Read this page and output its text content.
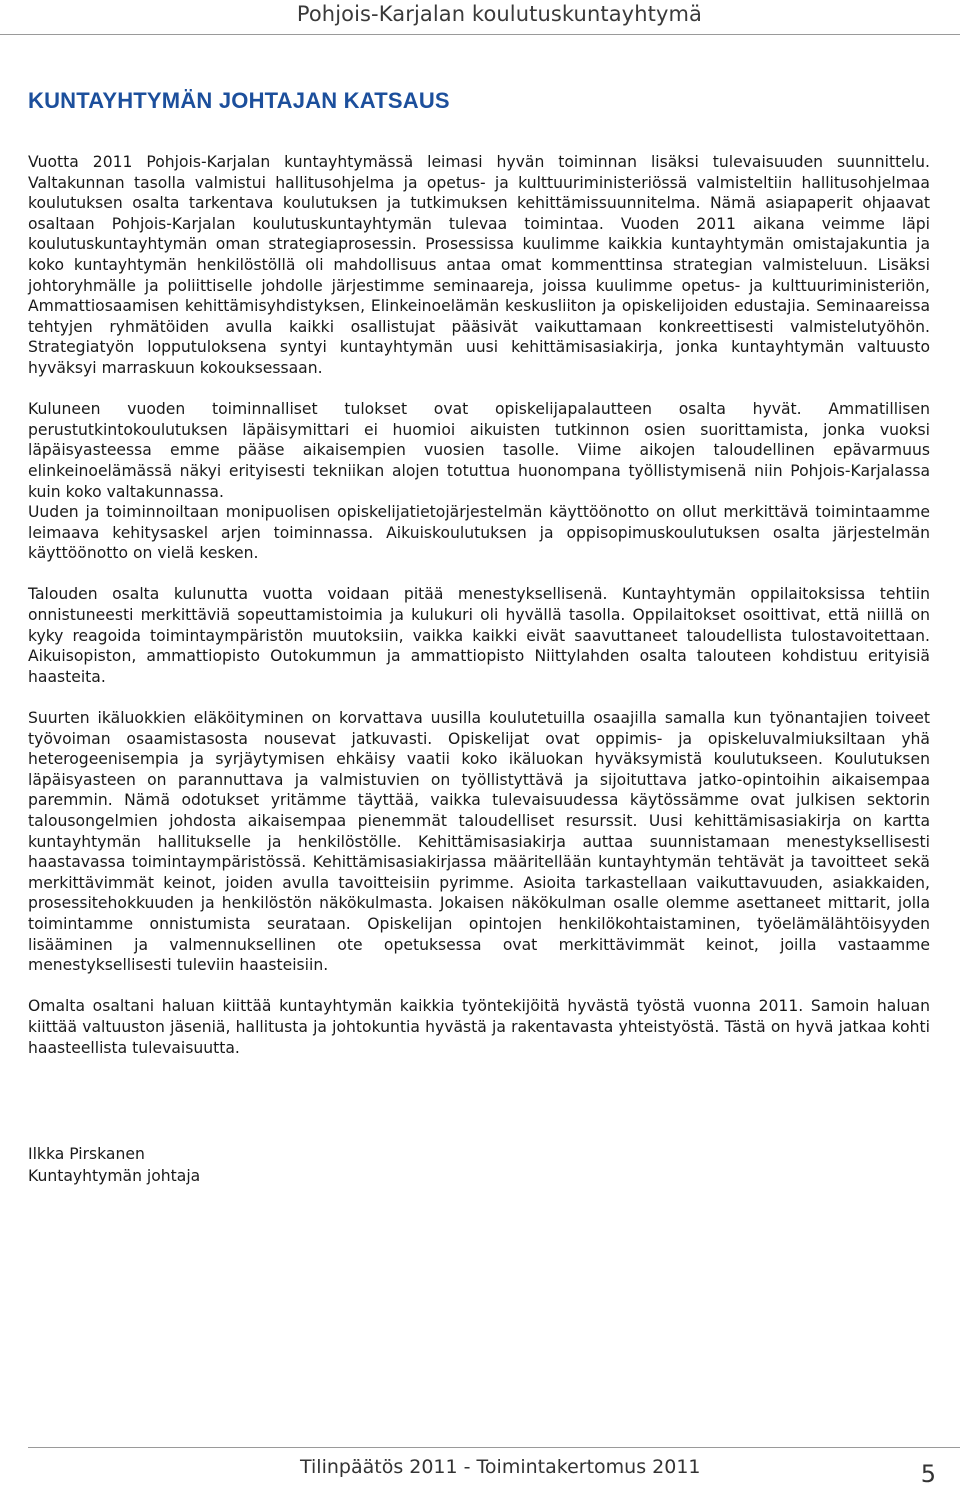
Pohjois-Karjalan koulutuskuntayhtymä
KUNTAYHTYMÄN JOHTAJAN KATSAUS

Vuotta 2011 Pohjois-Karjalan kuntayhtymässä leimasi hyvän toiminnan lisäksi tulevaisuuden suunnittelu. Valtakunnan tasolla valmistui hallitusohjelma ja opetus- ja kulttuuriministeriössä valmisteltiin hallitusohjelmaa koulutuksen osalta tarkentava koulutuksen ja tutkimuksen kehittämissuunnitelma. Nämä asiapaperit ohjaavat osaltaan Pohjois-Karjalan koulutuskuntayhtymän tulevaa toimintaa. Vuoden 2011 aikana veimme läpi koulutuskuntayhtymän oman strategiaprosessin. Prosessissa kuulimme kaikkia kuntayhtymän omistajakuntia ja koko kuntayhtymän henkilöstöllä oli mahdollisuus antaa omat kommenttinsa strategian valmisteluun. Lisäksi johtoryhmälle ja poliittiselle johdolle järjestimme seminaareja, joissa kuulimme opetus- ja kulttuuriministeriön, Ammattiosaamisen kehittämisyhdistyksen, Elinkeinoelämän keskusliiton ja opiskelijoiden edustajia. Seminaareissa tehtyjen ryhmätöiden avulla kaikki osallistujat pääsivät vaikuttamaan konkreettisesti valmistelutyöhön. Strategiatyön lopputuloksena syntyi kuntayhtymän uusi kehittämisasiakirja, jonka kuntayhtymän valtuusto hyväksyi marraskuun kokouksessaan.

Kuluneen vuoden toiminnalliset tulokset ovat opiskelijapalautteen osalta hyvät. Ammatillisen perustutkintokoulutuksen läpäisymittari ei huomioi aikuisten tutkinnon osien suorittamista, jonka vuoksi läpäisyasteessa emme pääse aikaisempien vuosien tasolle. Viime aikojen taloudellinen epävarmuus elinkeinoelämässä näkyi erityisesti tekniikan alojen totuttua huonompana työllistymisenä niin Pohjois-Karjalassa kuin koko valtakunnassa.

Uuden ja toiminnoiltaan monipuolisen opiskelijatietojärjestelmän käyttöönotto on ollut merkittävä toimintaamme leimaava kehitysaskel arjen toiminnassa. Aikuiskoulutuksen ja oppisopimuskoulutuksen osalta järjestelmän käyttöönotto on vielä kesken.

Talouden osalta kulunutta vuotta voidaan pitää menestyksellisenä. Kuntayhtymän oppilaitoksissa tehtiin onnistuneesti merkittäviä sopeuttamistoimia ja kulukuri oli hyvällä tasolla. Oppilaitokset osoittivat, että niillä on kyky reagoida toimintaympäristön muutoksiin, vaikka kaikki eivät saavuttaneet taloudellista tulostavoitettaan. Aikuisopiston, ammattiopisto Outokummun ja ammattiopisto Niittylahden osalta talouteen kohdistuu erityisiä haasteita.

Suurten ikäluokkien eläköityminen on korvattava uusilla koulutetuilla osaajilla samalla kun työnantajien toiveet työvoiman osaamistasosta nousevat jatkuvasti. Opiskelijat ovat oppimis- ja opiskeluvalmiuksiltaan yhä heterogeenisempia ja syrjäytymisen ehkäisy vaatii koko ikäluokan hyväksymistä koulutukseen. Koulutuksen läpäisyasteen on parannuttava ja valmistuvien on työllistyttävä ja sijoituttava jatko-opintoihin aikaisempaa paremmin. Nämä odotukset yritämme täyttää, vaikka tulevaisuudessa käytössämme ovat julkisen sektorin talousongelmien johdosta aikaisempaa pienemmät taloudelliset resurssit. Uusi kehittämisasiakirja on kartta kuntayhtymän hallitukselle ja henkilöstölle. Kehittämisasiakirja auttaa suunnistamaan menestyksellisesti haastavassa toimintaympäristössä. Kehittämisasiakirjassa määritellään kuntayhtymän tehtävät ja tavoitteet sekä merkittävimmät keinot, joiden avulla tavoitteisiin pyrimme. Asioita tarkastellaan vaikuttavuuden, asiakkaiden, prosessitehokkuuden ja henkilöstön näkökulmasta. Jokaisen näkökulman osalle olemme asettaneet mittarit, jolla toimintamme onnistumista seurataan. Opiskelijan opintojen henkilökohtaistaminen, työelämälähtöisyyden lisääminen ja valmennuksellinen ote opetuksessa ovat merkittävimmät keinot, joilla vastaamme menestyksellisesti tuleviin haasteisiin.

Omalta osaltani haluan kiittää kuntayhtymän kaikkia työntekijöitä hyvästä työstä vuonna 2011. Samoin haluan kiittää valtuuston jäseniä, hallitusta ja johtokuntia hyvästä ja rakentavasta yhteistyöstä. Tästä on hyvä jatkaa kohti haasteellista tulevaisuutta.

Ilkka Pirskanen
Kuntayhtymän johtaja
Tilinpäätös 2011 - Toimintakertomus 2011	5
